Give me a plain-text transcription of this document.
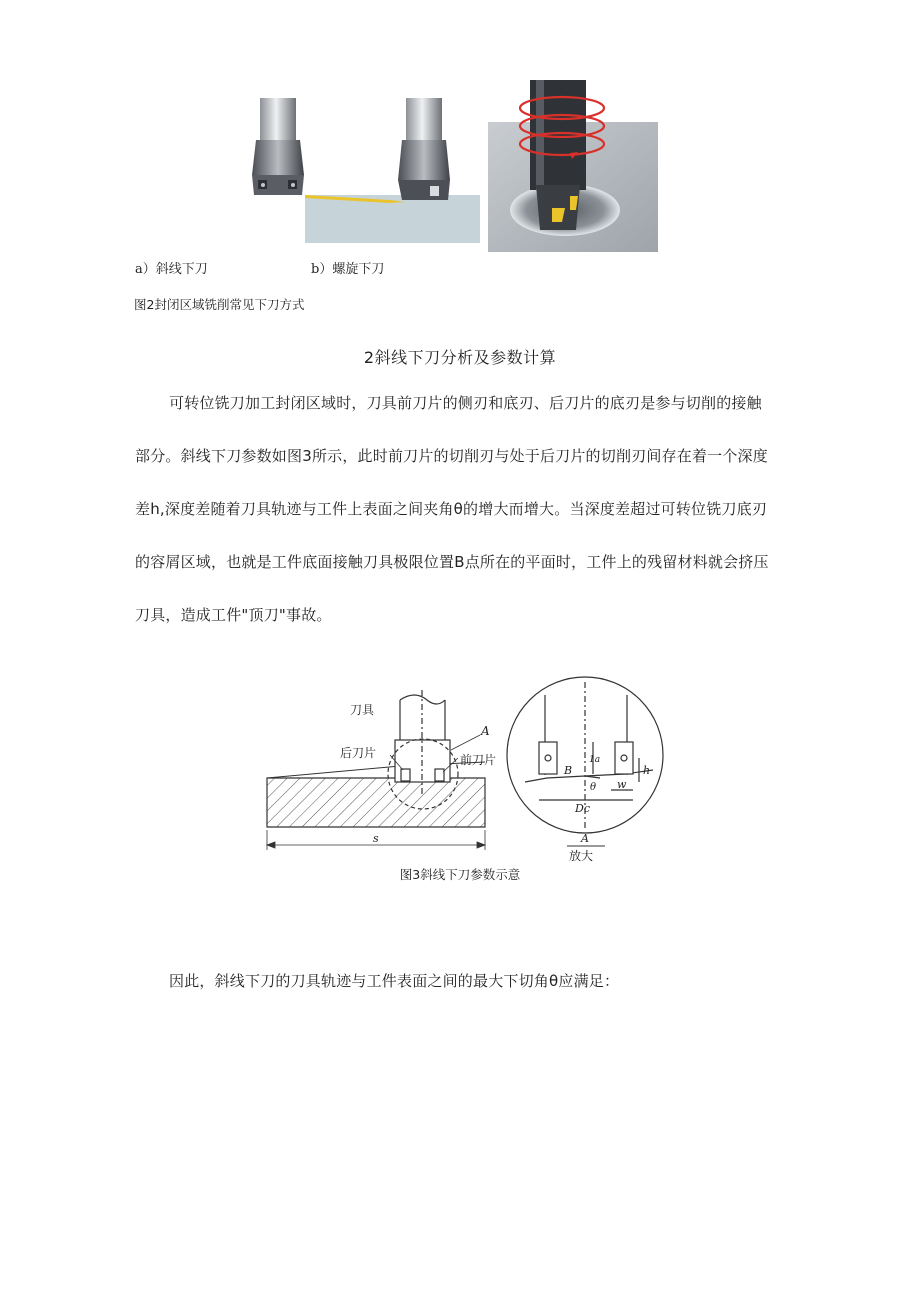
a）斜线下刀	b）螺旋下刀
图2封闭区域铣削常见下刀方式
2斜线下刀分析及参数计算

可转位铣刀加工封闭区域时，刀具前刀片的侧刃和底刃、后刀片的底刃是参与切削的接触

部分。斜线下刀参数如图3所示，此时前刀片的切削刃与处于后刀片的切削刃间存在着一个深度

差h,深度差随着刀具轨迹与工件上表面之间夹角θ的增大而增大。当深度差超过可转位铣刀底刃

的容屑区域，也就是工件底面接触刀具极限位置B点所在的平面时，工件上的残留材料就会挤压

刀具，造成工件"顶刀"事故。

刀具
后刀片	前刀片
A
s
B
1a
θ
h
w
Dc
A
放大
图3斜线下刀参数示意
因此，斜线下刀的刀具轨迹与工件表面之间的最大下切角θ应满足：
